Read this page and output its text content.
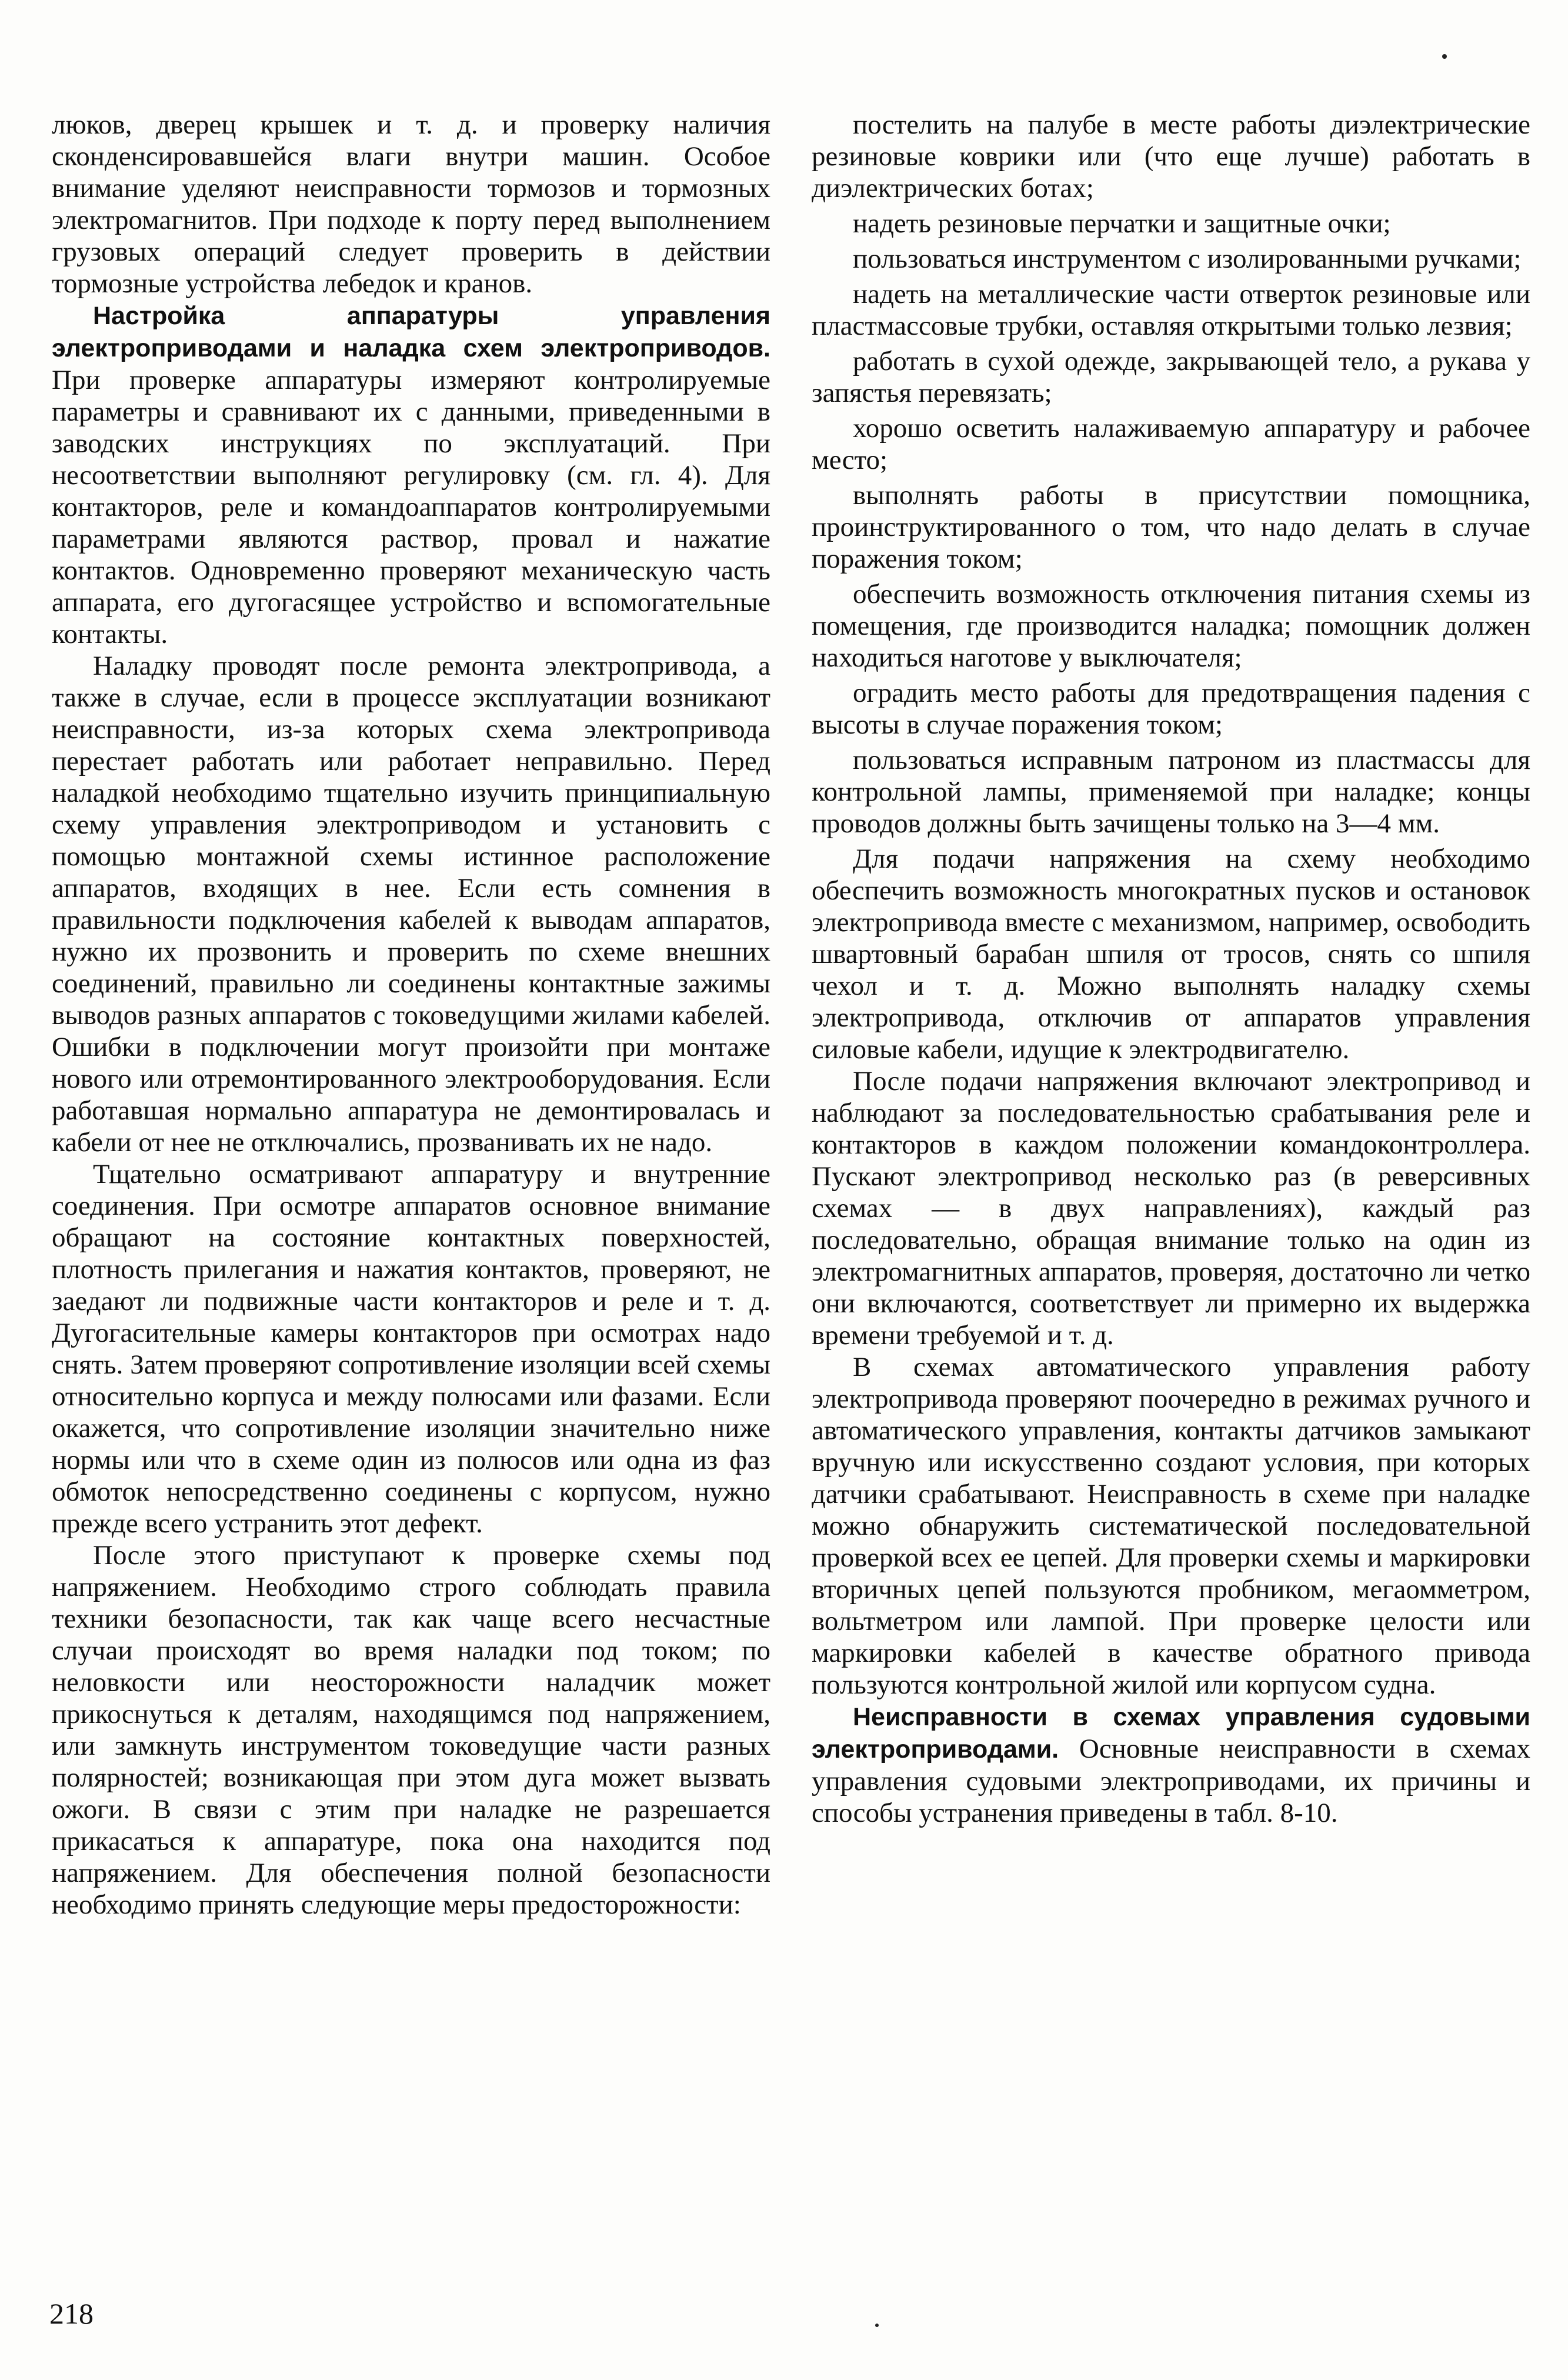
люков, дверец крышек и т. д. и проверку наличия сконденсировавшейся влаги внутри машин. Особое внимание уделяют неисправности тормозов и тормозных электромагнитов. При подходе к порту перед выполнением грузовых операций следует проверить в действии тормозные устройства лебедок и кранов.

Настройка аппаратуры управления электроприводами и наладка схем электроприводов. При проверке аппаратуры измеряют контролируемые параметры и сравнивают их с данными, приведенными в заводских инструкциях по эксплуатаций. При несоответствии выполняют регулировку (см. гл. 4). Для контакторов, реле и командоаппаратов контролируемыми параметрами являются раствор, провал и нажатие контактов. Одновременно проверяют механическую часть аппарата, его дугогасящее устройство и вспомогательные контакты.

Наладку проводят после ремонта электропривода, а также в случае, если в процессе эксплуатации возникают неисправности, из-за которых схема электропривода перестает работать или работает неправильно. Перед наладкой необходимо тщательно изучить принципиальную схему управления электроприводом и установить с помощью монтажной схемы истинное расположение аппаратов, входящих в нее. Если есть сомнения в правильности подключения кабелей к выводам аппаратов, нужно их прозвонить и проверить по схеме внешних соединений, правильно ли соединены контактные зажимы выводов разных аппаратов с токоведущими жилами кабелей. Ошибки в подключении могут произойти при монтаже нового или отремонтированного электрооборудования. Если работавшая нормально аппаратура не демонтировалась и кабели от нее не отключались, прозванивать их не надо.

Тщательно осматривают аппаратуру и внутренние соединения. При осмотре аппаратов основное внимание обращают на состояние контактных поверхностей, плотность прилегания и нажатия контактов, проверяют, не заедают ли подвижные части контакторов и реле и т. д. Дугогасительные камеры контакторов при осмотрах надо снять. Затем проверяют сопротивление изоляции всей схемы относительно корпуса и между полюсами или фазами. Если окажется, что сопротивление изоляции значительно ниже нормы или что в схеме один из полюсов или одна из фаз обмоток непосредственно соединены с корпусом, нужно прежде всего устранить этот дефект.

После этого приступают к проверке схемы под напряжением. Необходимо строго соблюдать правила техники безопасности, так как чаще всего несчастные случаи происходят во время наладки под током; по неловкости или неосторожности наладчик может прикоснуться к деталям, находящимся под напряжением, или замкнуть инструментом токоведущие части разных полярностей; возникающая при этом дуга может вызвать ожоги. В связи с этим при наладке не разрешается прикасаться к аппаратуре, пока она находится под напряжением. Для обеспечения полной безопасности необходимо принять следующие меры предосторожности:

постелить на палубе в месте работы диэлектрические резиновые коврики или (что еще лучше) работать в диэлектрических ботах;

надеть резиновые перчатки и защитные очки;

пользоваться инструментом с изолированными ручками;

надеть на металлические части отверток резиновые или пластмассовые трубки, оставляя открытыми только лезвия;

работать в сухой одежде, закрывающей тело, а рукава у запястья перевязать;

хорошо осветить налаживаемую аппаратуру и рабочее место;

выполнять работы в присутствии помощника, проинструктированного о том, что надо делать в случае поражения током;

обеспечить возможность отключения питания схемы из помещения, где производится наладка; помощник должен находиться наготове у выключателя;

оградить место работы для предотвращения падения с высоты в случае поражения током;

пользоваться исправным патроном из пластмассы для контрольной лампы, применяемой при наладке; концы проводов должны быть зачищены только на 3—4 мм.

Для подачи напряжения на схему необходимо обеспечить возможность многократных пусков и остановок электропривода вместе с механизмом, например, освободить швартовный барабан шпиля от тросов, снять со шпиля чехол и т. д. Можно выполнять наладку схемы электропривода, отключив от аппаратов управления силовые кабели, идущие к электродвигателю.

После подачи напряжения включают электропривод и наблюдают за последовательностью срабатывания реле и контакторов в каждом положении командоконтроллера. Пускают электропривод несколько раз (в реверсивных схемах — в двух направлениях), каждый раз последовательно, обращая внимание только на один из электромагнитных аппаратов, проверяя, достаточно ли четко они включаются, соответствует ли примерно их выдержка времени требуемой и т. д.

В схемах автоматического управления работу электропривода проверяют поочередно в режимах ручного и автоматического управления, контакты датчиков замыкают вручную или искусственно создают условия, при которых датчики срабатывают. Неисправность в схеме при наладке можно обнаружить систематической последовательной проверкой всех ее цепей. Для проверки схемы и маркировки вторичных цепей пользуются пробником, мегаомметром, вольтметром или лампой. При проверке целости или маркировки кабелей в качестве обратного привода пользуются контрольной жилой или корпусом судна.

Неисправности в схемах управления судовыми электроприводами. Основные неисправности в схемах управления судовыми электроприводами, их причины и способы устранения приведены в табл. 8-10.

218
